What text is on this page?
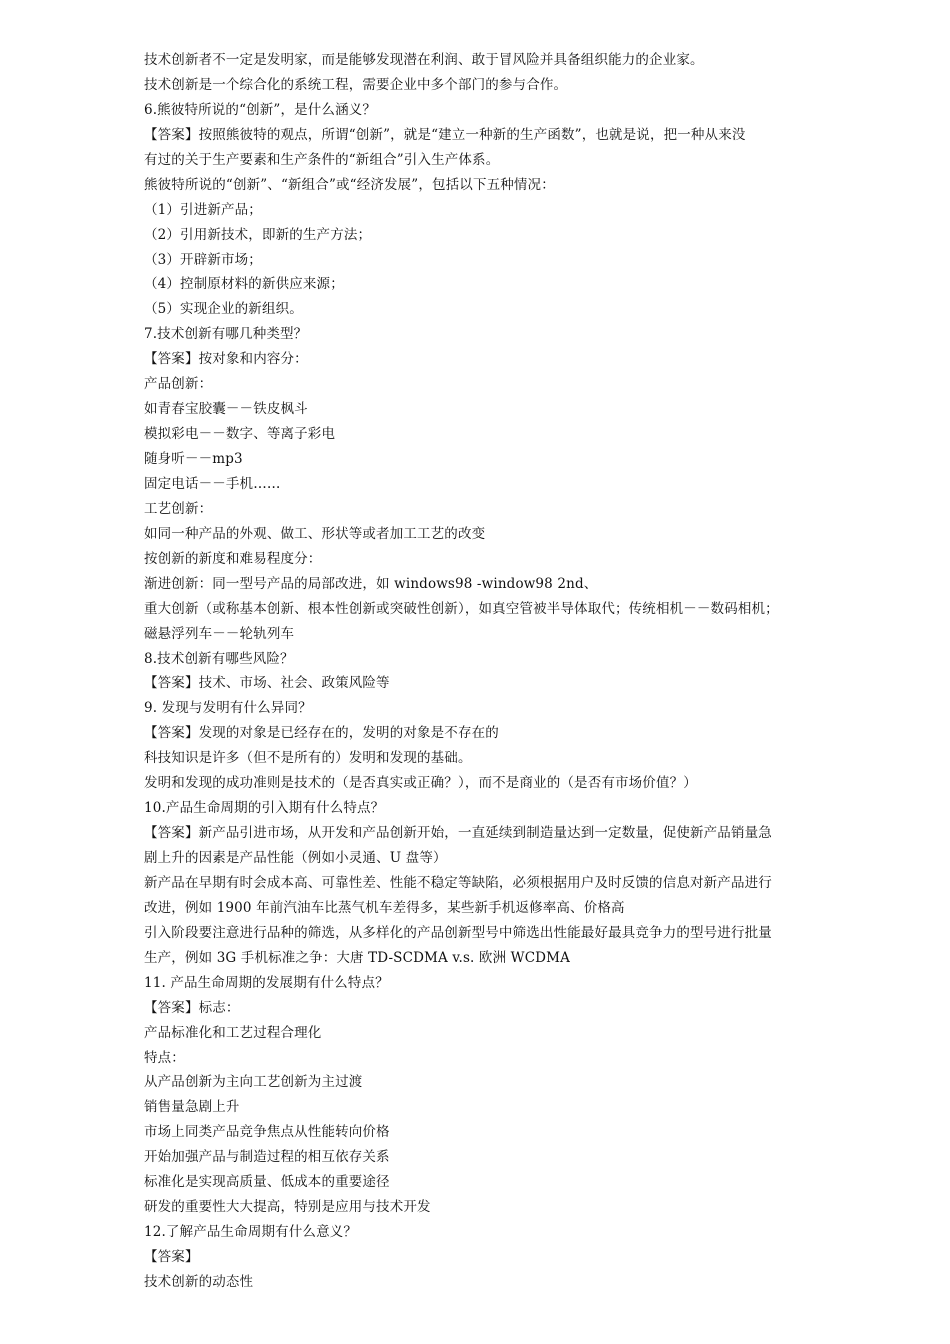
技术创新者不一定是发明家，而是能够发现潜在利润、敢于冒风险并具备组织能力的企业家。
技术创新是一个综合化的系统工程，需要企业中多个部门的参与合作。
6.熊彼特所说的“创新”，是什么涵义？
【答案】按照熊彼特的观点，所谓“创新”，就是“建立一种新的生产函数”，也就是说，把一种从来没
有过的关于生产要素和生产条件的“新组合”引入生产体系。
熊彼特所说的“创新”、“新组合”或“经济发展”，包括以下五种情况：
（1）引进新产品；
（2）引用新技术，即新的生产方法；
（3）开辟新市场；
（4）控制原材料的新供应来源；
（5）实现企业的新组织。
7.技术创新有哪几种类型？
【答案】按对象和内容分：
产品创新：
如青春宝胶囊－－铁皮枫斗
模拟彩电－－数字、等离子彩电
随身听－－mp3
固定电话－－手机……
工艺创新：
如同一种产品的外观、做工、形状等或者加工工艺的改变
按创新的新度和难易程度分：
渐进创新：同一型号产品的局部改进，如 windows98 -window98 2nd、
重大创新（或称基本创新、根本性创新或突破性创新），如真空管被半导体取代；传统相机－－数码相机；
磁悬浮列车－－轮轨列车
8.技术创新有哪些风险？
【答案】技术、市场、社会、政策风险等
9. 发现与发明有什么异同？
【答案】发现的对象是已经存在的，发明的对象是不存在的
科技知识是许多（但不是所有的）发明和发现的基础。
发明和发现的成功准则是技术的（是否真实或正确？），而不是商业的（是否有市场价值？）
10.产品生命周期的引入期有什么特点？
【答案】新产品引进市场，从开发和产品创新开始，一直延续到制造量达到一定数量，促使新产品销量急
剧上升的因素是产品性能（例如小灵通、U 盘等）
新产品在早期有时会成本高、可靠性差、性能不稳定等缺陷，必须根据用户及时反馈的信息对新产品进行
改进，例如 1900 年前汽油车比蒸气机车差得多，某些新手机返修率高、价格高
引入阶段要注意进行品种的筛选，从多样化的产品创新型号中筛选出性能最好最具竞争力的型号进行批量
生产，例如 3G 手机标准之争：大唐 TD-SCDMA v.s. 欧洲 WCDMA
11. 产品生命周期的发展期有什么特点？
【答案】标志：
产品标准化和工艺过程合理化
特点：
从产品创新为主向工艺创新为主过渡
销售量急剧上升
市场上同类产品竞争焦点从性能转向价格
开始加强产品与制造过程的相互依存关系
标准化是实现高质量、低成本的重要途径
研发的重要性大大提高，特别是应用与技术开发
12.了解产品生命周期有什么意义？
【答案】
技术创新的动态性
